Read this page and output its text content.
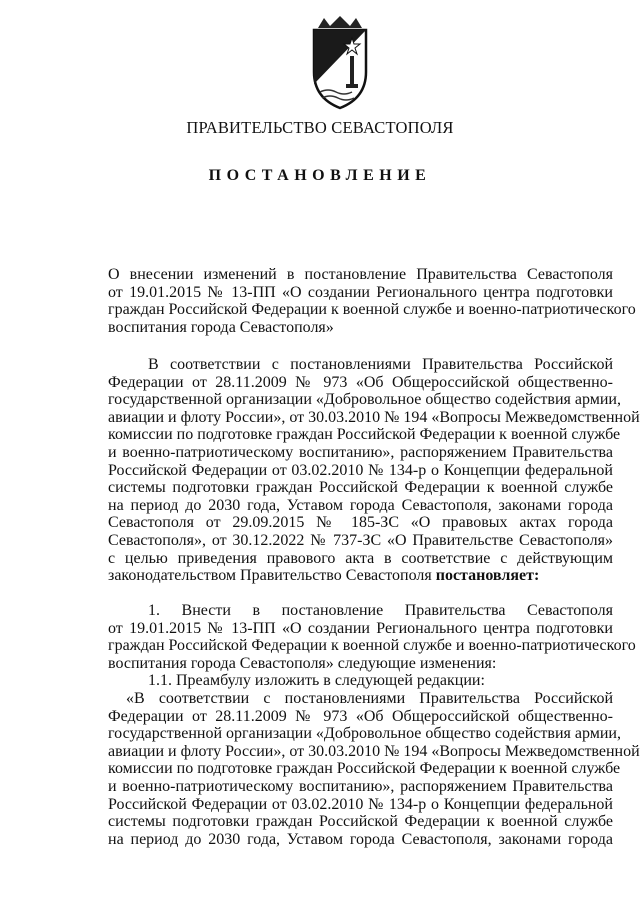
ПРАВИТЕЛЬСТВО СЕВАСТОПОЛЯ
ПОСТАНОВЛЕНИЕ
О внесении изменений в постановление Правительства Севастополя
от 19.01.2015 № 13-ПП «О создании Регионального центра подготовки
граждан Российской Федерации к военной службе и военно-патриотического
воспитания города Севастополя»
В соответствии с постановлениями Правительства Российской
Федерации от 28.11.2009 № 973 «Об Общероссийской общественно-
государственной организации «Добровольное общество содействия армии,
авиации и флоту России», от 30.03.2010 № 194 «Вопросы Межведомственной
комиссии по подготовке граждан Российской Федерации к военной службе
и военно-патриотическому воспитанию», распоряжением Правительства
Российской Федерации от 03.02.2010 № 134-р о Концепции федеральной
системы подготовки граждан Российской Федерации к военной службе
на период до 2030 года, Уставом города Севастополя, законами города
Севастополя от 29.09.2015 № 185-ЗС «О правовых актах города
Севастополя», от 30.12.2022 № 737-ЗС «О Правительстве Севастополя»
с целью приведения правового акта в соответствие с действующим
законодательством Правительство Севастополя постановляет:
1. Внести в постановление Правительства Севастополя
от 19.01.2015 № 13-ПП «О создании Регионального центра подготовки
граждан Российской Федерации к военной службе и военно-патриотического
воспитания города Севастополя» следующие изменения:
1.1. Преамбулу изложить в следующей редакции:
«В соответствии с постановлениями Правительства Российской
Федерации от 28.11.2009 № 973 «Об Общероссийской общественно-
государственной организации «Добровольное общество содействия армии,
авиации и флоту России», от 30.03.2010 № 194 «Вопросы Межведомственной
комиссии по подготовке граждан Российской Федерации к военной службе
и военно-патриотическому воспитанию», распоряжением Правительства
Российской Федерации от 03.02.2010 № 134-р о Концепции федеральной
системы подготовки граждан Российской Федерации к военной службе
на период до 2030 года, Уставом города Севастополя, законами города
